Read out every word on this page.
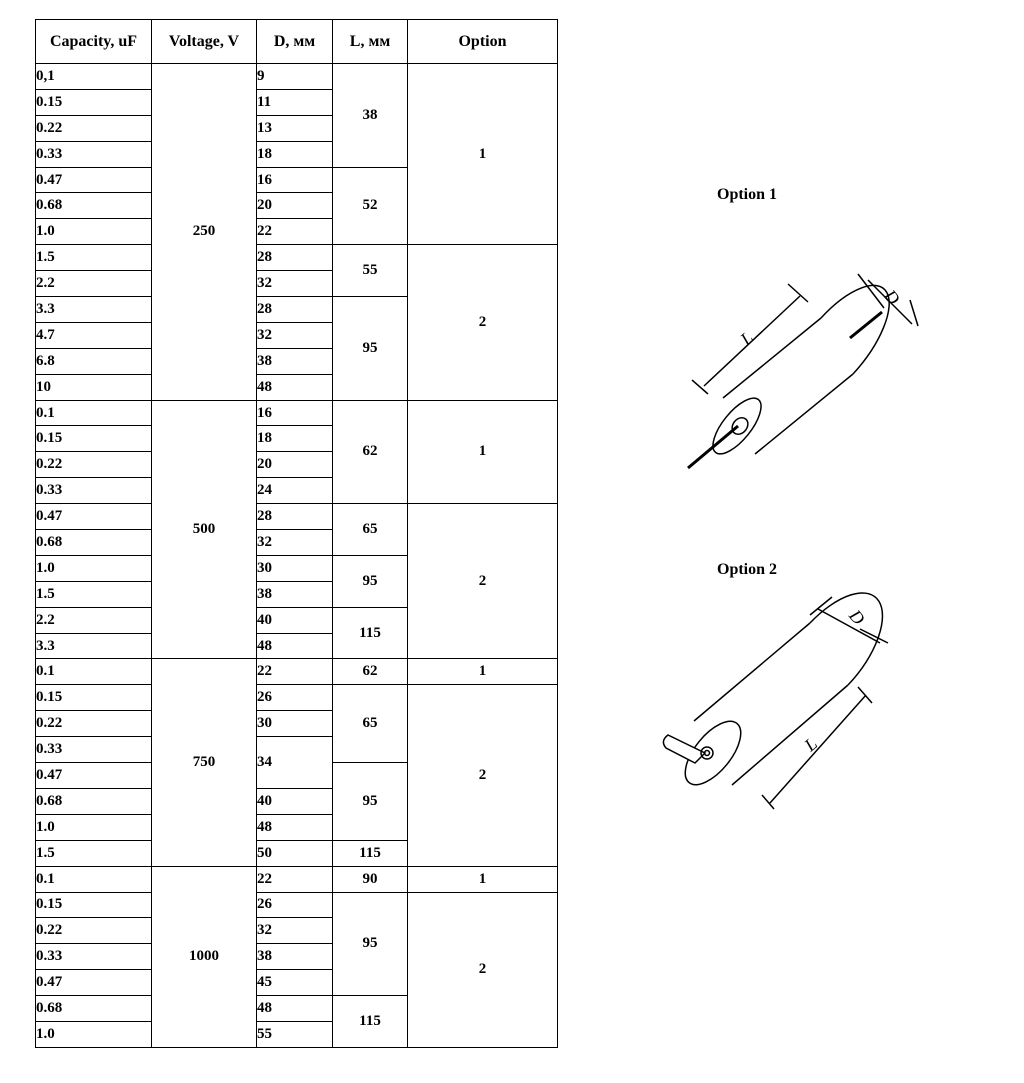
Capacity, uF	Voltage, V	D, мм	L, мм	Option
0,1	250	9	38	1
0.15		11		
0.22		13		
0.33		18		
0.47		16	52	
0.68		20		
1.0		22		
1.5		28	55	2
2.2		32		
3.3		28	95	
4.7		32		
6.8		38		
10		48		
0.1	500	16	62	1
0.15		18		
0.22		20		
0.33		24		
0.47		28	65	2
0.68		32		
1.0		30	95	
1.5		38		
2.2		40	115	
3.3		48		
0.1	750	22	62	1
0.15		26	65	2
0.22		30		
0.33		34		
0.47			95	
0.68		40		
1.0		48		
1.5		50	115	
0.1	1000	22	90	1
0.15		26	95	2
0.22		32		
0.33		38		
0.47		45		
0.68		48	115	
1.0		55		
Option 1
L
D
Option 2
D
L
